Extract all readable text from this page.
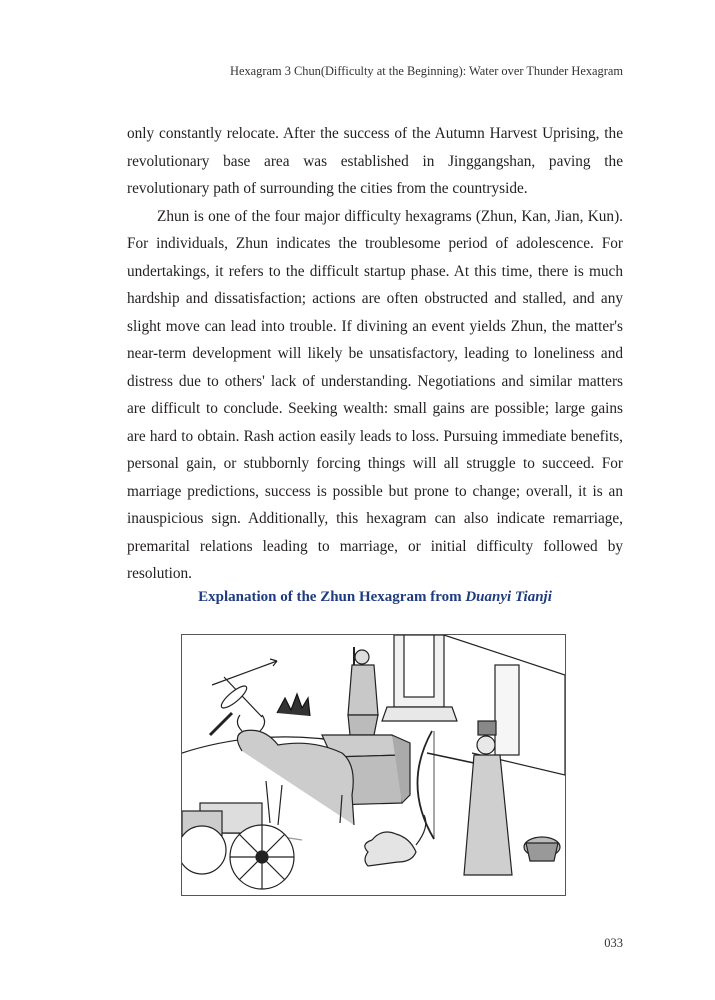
Hexagram 3 Chun(Difficulty at the Beginning): Water over Thunder Hexagram

only constantly relocate. After the success of the Autumn Harvest Uprising, the revolutionary base area was established in Jinggangshan, paving the revolutionary path of surrounding the cities from the countryside.

Zhun is one of the four major difficulty hexagrams (Zhun, Kan, Jian, Kun). For individuals, Zhun indicates the troublesome period of adolescence. For undertakings, it refers to the difficult startup phase. At this time, there is much hardship and dissatisfaction; actions are often obstructed and stalled, and any slight move can lead into trouble. If divining an event yields Zhun, the matter's near-term development will likely be unsatisfactory, leading to loneliness and distress due to others' lack of understanding. Negotiations and similar matters are difficult to conclude. Seeking wealth: small gains are possible; large gains are hard to obtain. Rash action easily leads to loss. Pursuing immediate benefits, personal gain, or stubbornly forcing things will all struggle to succeed. For marriage predictions, success is possible but prone to change; overall, it is an inauspicious sign. Additionally, this hexagram can also indicate remarriage, premarital relations leading to marriage, or initial difficulty followed by resolution.

Explanation of the Zhun Hexagram from Duanyi Tianji
033
